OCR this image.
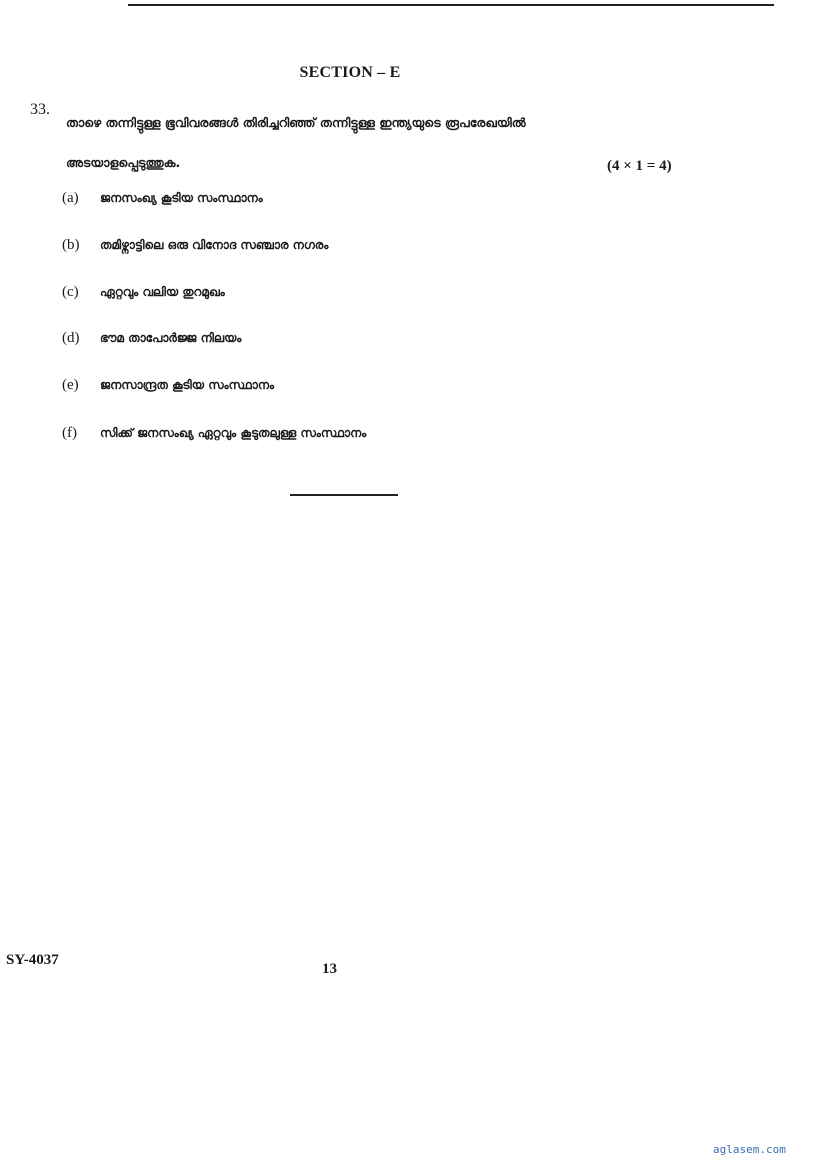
SECTION – E
33.
താഴെ തന്നിട്ടുള്ള ഭൂവിവരങ്ങൾ തിരിച്ചറിഞ്ഞ് തന്നിട്ടുള്ള ഇന്ത്യയുടെ രൂപരേഖയിൽ
അടയാളപ്പെടുത്തുക.	(4 × 1 = 4)
(a) ജനസംഖ്യ കൂടിയ സംസ്ഥാനം
(b) തമിഴ്നാട്ടിലെ ഒരു വിനോദ സഞ്ചാര നഗരം
(c) ഏറ്റവും വലിയ തുറമുഖം
(d) ഭൗമ താപോർജ്ജ നിലയം
(e) ജനസാന്ദ്രത കൂടിയ സംസ്ഥാനം
(f) സിക്ക് ജനസംഖ്യ ഏറ്റവും കൂടുതലുള്ള സംസ്ഥാനം
SY-4037
13
aglasem.com
